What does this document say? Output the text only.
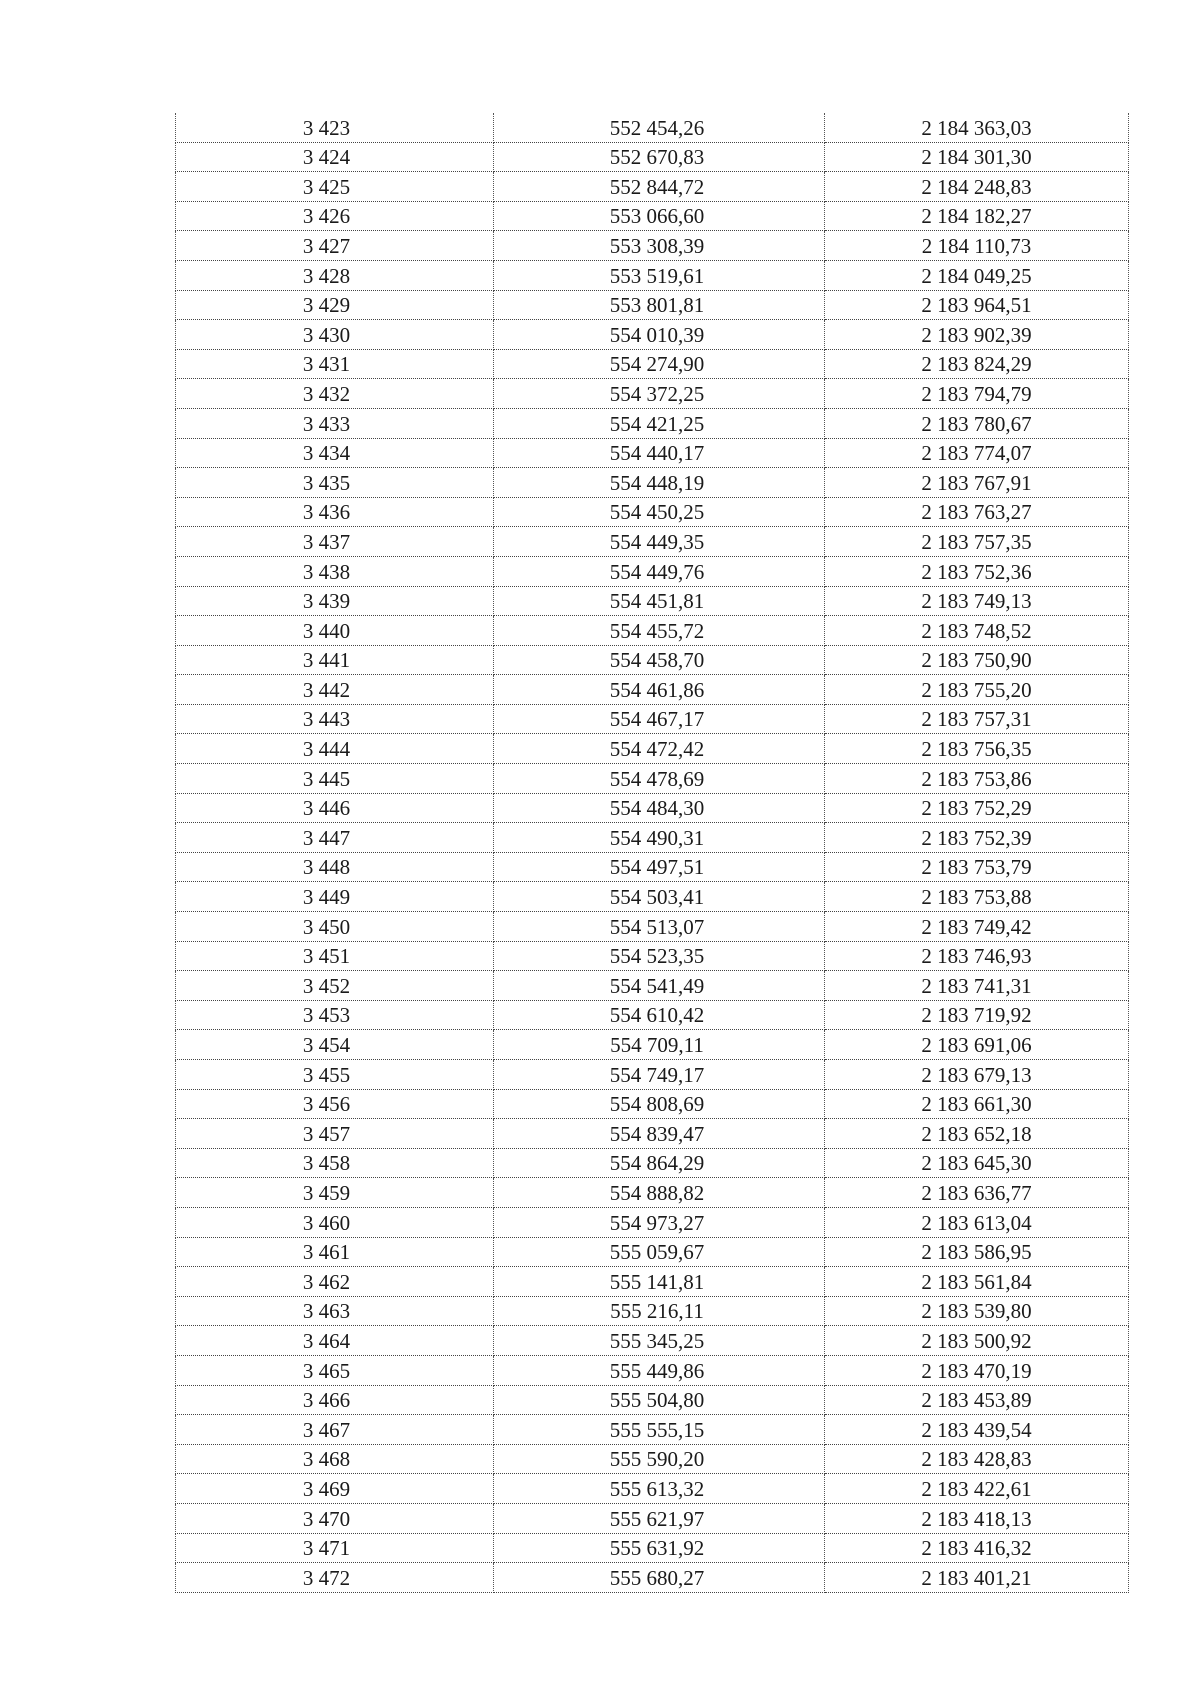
3 423	552 454,26	2 184 363,03
3 424	552 670,83	2 184 301,30
3 425	552 844,72	2 184 248,83
3 426	553 066,60	2 184 182,27
3 427	553 308,39	2 184 110,73
3 428	553 519,61	2 184 049,25
3 429	553 801,81	2 183 964,51
3 430	554 010,39	2 183 902,39
3 431	554 274,90	2 183 824,29
3 432	554 372,25	2 183 794,79
3 433	554 421,25	2 183 780,67
3 434	554 440,17	2 183 774,07
3 435	554 448,19	2 183 767,91
3 436	554 450,25	2 183 763,27
3 437	554 449,35	2 183 757,35
3 438	554 449,76	2 183 752,36
3 439	554 451,81	2 183 749,13
3 440	554 455,72	2 183 748,52
3 441	554 458,70	2 183 750,90
3 442	554 461,86	2 183 755,20
3 443	554 467,17	2 183 757,31
3 444	554 472,42	2 183 756,35
3 445	554 478,69	2 183 753,86
3 446	554 484,30	2 183 752,29
3 447	554 490,31	2 183 752,39
3 448	554 497,51	2 183 753,79
3 449	554 503,41	2 183 753,88
3 450	554 513,07	2 183 749,42
3 451	554 523,35	2 183 746,93
3 452	554 541,49	2 183 741,31
3 453	554 610,42	2 183 719,92
3 454	554 709,11	2 183 691,06
3 455	554 749,17	2 183 679,13
3 456	554 808,69	2 183 661,30
3 457	554 839,47	2 183 652,18
3 458	554 864,29	2 183 645,30
3 459	554 888,82	2 183 636,77
3 460	554 973,27	2 183 613,04
3 461	555 059,67	2 183 586,95
3 462	555 141,81	2 183 561,84
3 463	555 216,11	2 183 539,80
3 464	555 345,25	2 183 500,92
3 465	555 449,86	2 183 470,19
3 466	555 504,80	2 183 453,89
3 467	555 555,15	2 183 439,54
3 468	555 590,20	2 183 428,83
3 469	555 613,32	2 183 422,61
3 470	555 621,97	2 183 418,13
3 471	555 631,92	2 183 416,32
3 472	555 680,27	2 183 401,21
